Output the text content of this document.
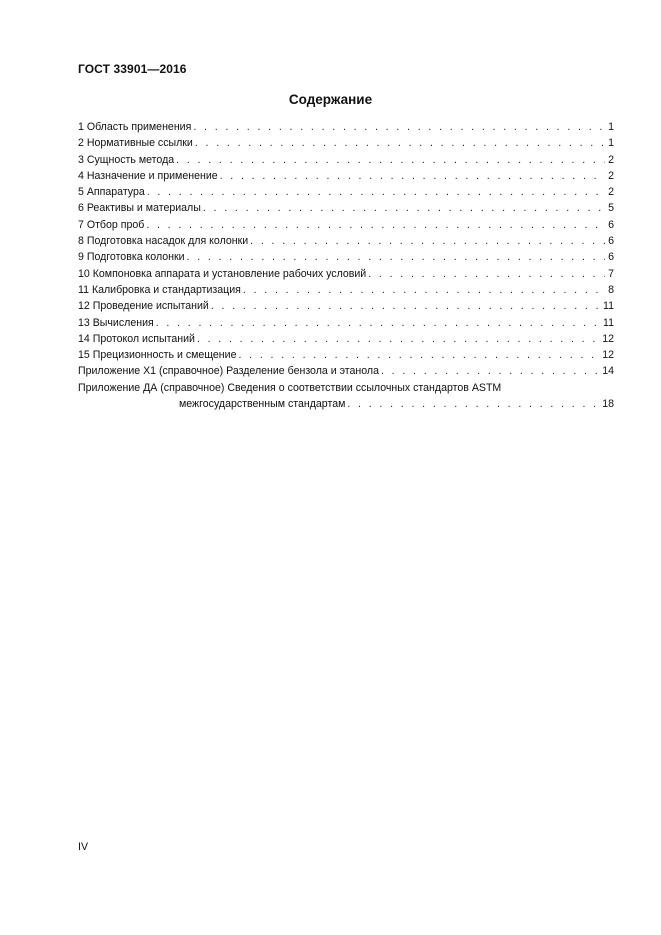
ГОСТ 33901—2016
Содержание
1 Область применения . . .	1
2 Нормативные ссылки . . .	1
3 Сущность метода . . .	2
4 Назначение и применение . . .	2
5 Аппаратура . . .	2
6 Реактивы и материалы . . .	5
7 Отбор проб . . .	6
8 Подготовка насадок для колонки . . .	6
9 Подготовка колонки . . .	6
10 Компоновка аппарата и установление рабочих условий . . .	7
11 Калибровка и стандартизация . . .	8
12 Проведение испытаний . . .	11
13 Вычисления . . .	11
14 Протокол испытаний . . .	12
15 Прецизионность и смещение . . .	12
Приложение X1 (справочное) Разделение бензола и этанола . . .	14
Приложение ДА (справочное) Сведения о соответствии ссылочных стандартов ASTM
межгосударственным стандартам . . .	18
IV
